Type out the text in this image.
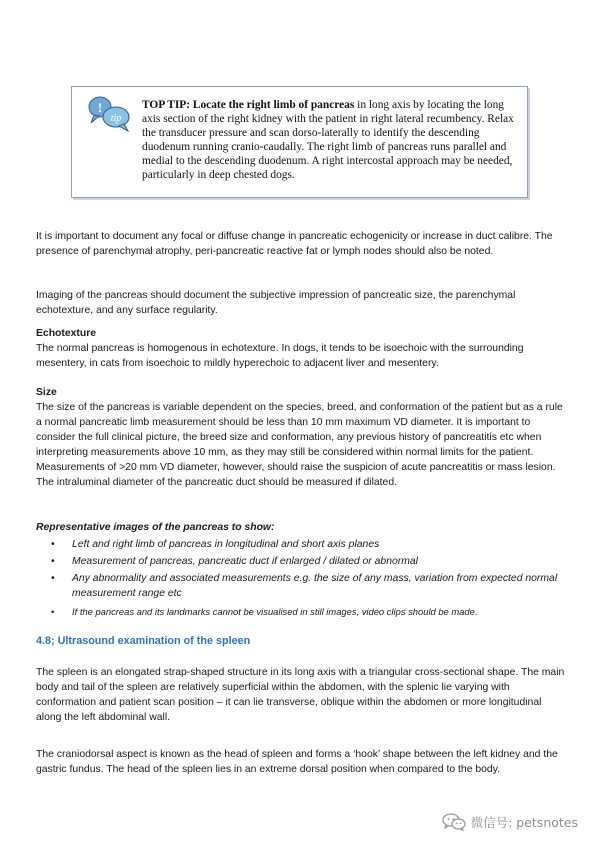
!
tip
TOP TIP: Locate the right limb of pancreas in long axis by locating the long axis section of the right kidney with the patient in right lateral recumbency. Relax the transducer pressure and scan dorso-laterally to identify the descending duodenum running cranio-caudally. The right limb of pancreas runs parallel and medial to the descending duodenum. A right intercostal approach may be needed, particularly in deep chested dogs.

It is important to document any focal or diffuse change in pancreatic echogenicity or increase in duct calibre. The presence of parenchymal atrophy, peri-pancreatic reactive fat or lymph nodes should also be noted.

Imaging of the pancreas should document the subjective impression of pancreatic size, the parenchymal echotexture, and any surface regularity.

Echotexture

The normal pancreas is homogenous in echotexture. In dogs, it tends to be isoechoic with the surrounding mesentery, in cats from isoechoic to mildly hyperechoic to adjacent liver and mesentery.

Size

The size of the pancreas is variable dependent on the species, breed, and conformation of the patient but as a rule a normal pancreatic limb measurement should be less than 10 mm maximum VD diameter. It is important to consider the full clinical picture, the breed size and conformation, any previous history of pancreatitis etc when interpreting measurements above 10 mm, as they may still be considered within normal limits for the patient. Measurements of >20 mm VD diameter, however, should raise the suspicion of acute pancreatitis or mass lesion.

The intraluminal diameter of the pancreatic duct should be measured if dilated.

Representative images of the pancreas to show:

• Left and right limb of pancreas in longitudinal and short axis planes
• Measurement of pancreas, pancreatic duct if enlarged / dilated or abnormal
• Any abnormality and associated measurements e.g. the size of any mass, variation from expected normal measurement range etc
• If the pancreas and its landmarks cannot be visualised in still images, video clips should be made.

4.8; Ultrasound examination of the spleen

The spleen is an elongated strap-shaped structure in its long axis with a triangular cross-sectional shape. The main body and tail of the spleen are relatively superficial within the abdomen, with the splenic lie varying with conformation and patient scan position – it can lie transverse, oblique within the abdomen or more longitudinal along the left abdominal wall.

The craniodorsal aspect is known as the head of spleen and forms a ‘hook’ shape between the left kidney and the gastric fundus. The head of the spleen lies in an extreme dorsal position when compared to the body.

微信号: petsnotes
